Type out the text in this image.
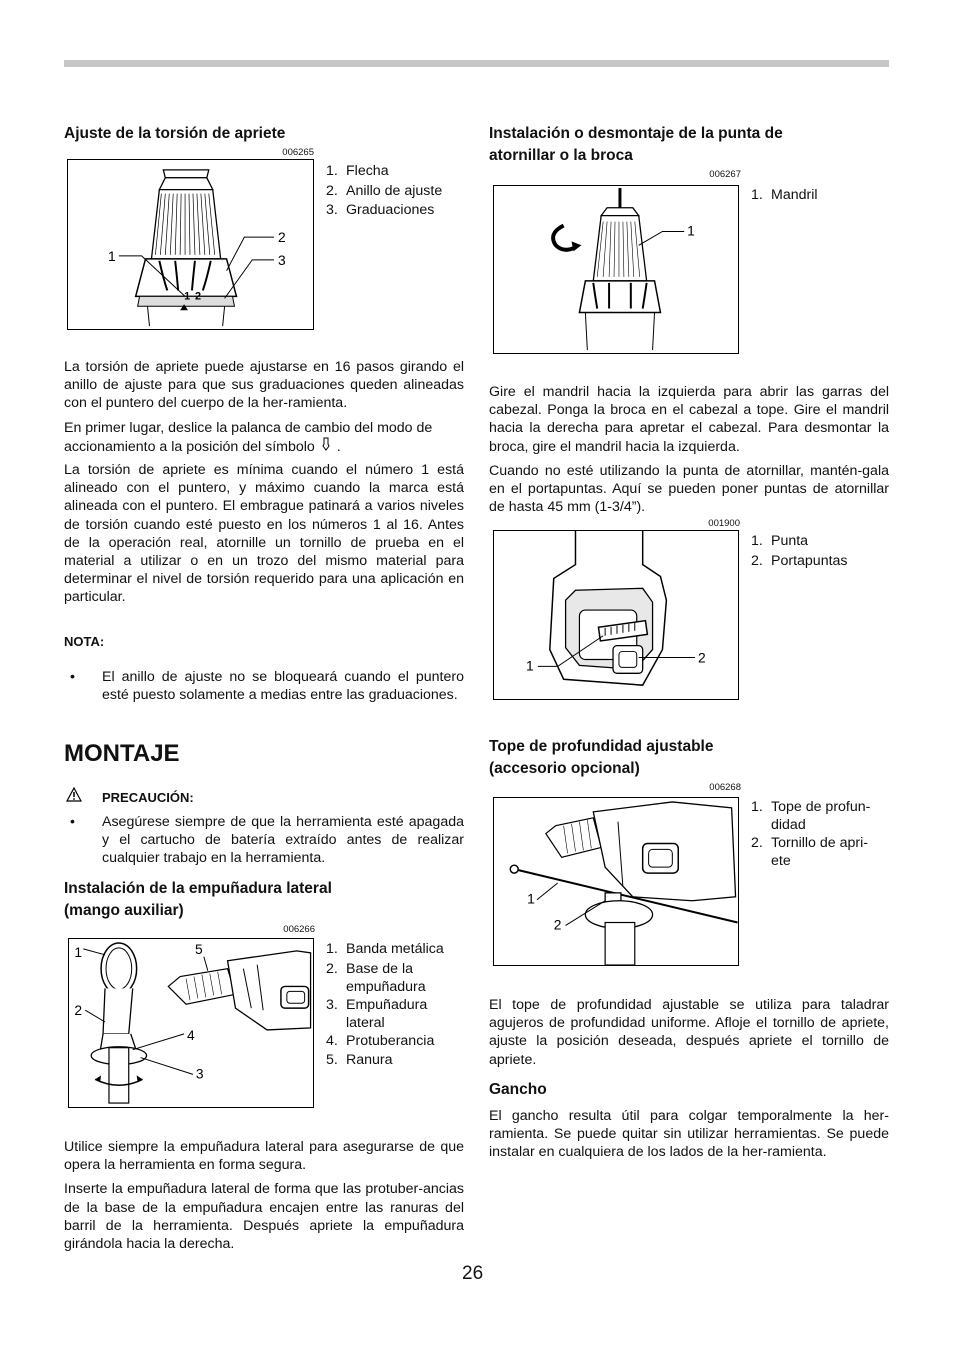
Ajuste de la torsión de apriete
006265
1 2
1
2
3
1. Flecha
2. Anillo de ajuste
3. Graduaciones

La torsión de apriete puede ajustarse en 16 pasos girando el anillo de ajuste para que sus graduaciones queden alineadas con el puntero del cuerpo de la her-ramienta.

En primer lugar, deslice la palanca de cambio del modo de accionamiento a la posición del símbolo .

La torsión de apriete es mínima cuando el número 1 está alineado con el puntero, y máximo cuando la marca está alineada con el puntero. El embrague patinará a varios niveles de torsión cuando esté puesto en los números 1 al 16. Antes de la operación real, atornille un tornillo de prueba en el material a utilizar o en un trozo del mismo material para determinar el nivel de torsión requerido para una aplicación en particular.

NOTA:
•	El anillo de ajuste no se bloqueará cuando el puntero esté puesto solamente a medias entre las graduaciones.
MONTAJE
PRECAUCIÓN:
•	Asegúrese siempre de que la herramienta esté apagada y el cartucho de batería extraído antes de realizar cualquier trabajo en la herramienta.
Instalación de la empuñadura lateral
(mango auxiliar)
006266
1
2
3
4
5	1. Banda metálica
2. Base de la empuñadura
3. Empuñadura lateral
4. Protuberancia
5. Ranura

Utilice siempre la empuñadura lateral para asegurarse de que opera la herramienta en forma segura.

Inserte la empuñadura lateral de forma que las protuber-ancias de la base de la empuñadura encajen entre las ranuras del barril de la herramienta. Después apriete la empuñadura girándola hacia la derecha.

Instalación o desmontaje de la punta de
atornillar o la broca
006267
1
1. Mandril

Gire el mandril hacia la izquierda para abrir las garras del cabezal. Ponga la broca en el cabezal a tope. Gire el mandril hacia la derecha para apretar el cabezal. Para desmontar la broca, gire el mandril hacia la izquierda.

Cuando no esté utilizando la punta de atornillar, mantén-gala en el portapuntas. Aquí se pueden poner puntas de atornillar de hasta 45 mm (1-3/4”).

001900
1	2
1. Punta
2. Portapuntas
Tope de profundidad ajustable
(accesorio opcional)
006268
1
2
1. Tope de profun-didad
2. Tornillo de apri-ete

El tope de profundidad ajustable se utiliza para taladrar agujeros de profundidad uniforme. Afloje el tornillo de apriete, ajuste la posición deseada, después apriete el tornillo de apriete.

Gancho

El gancho resulta útil para colgar temporalmente la her-ramienta. Se puede quitar sin utilizar herramientas. Se puede instalar en cualquiera de los lados de la her-ramienta.

26
